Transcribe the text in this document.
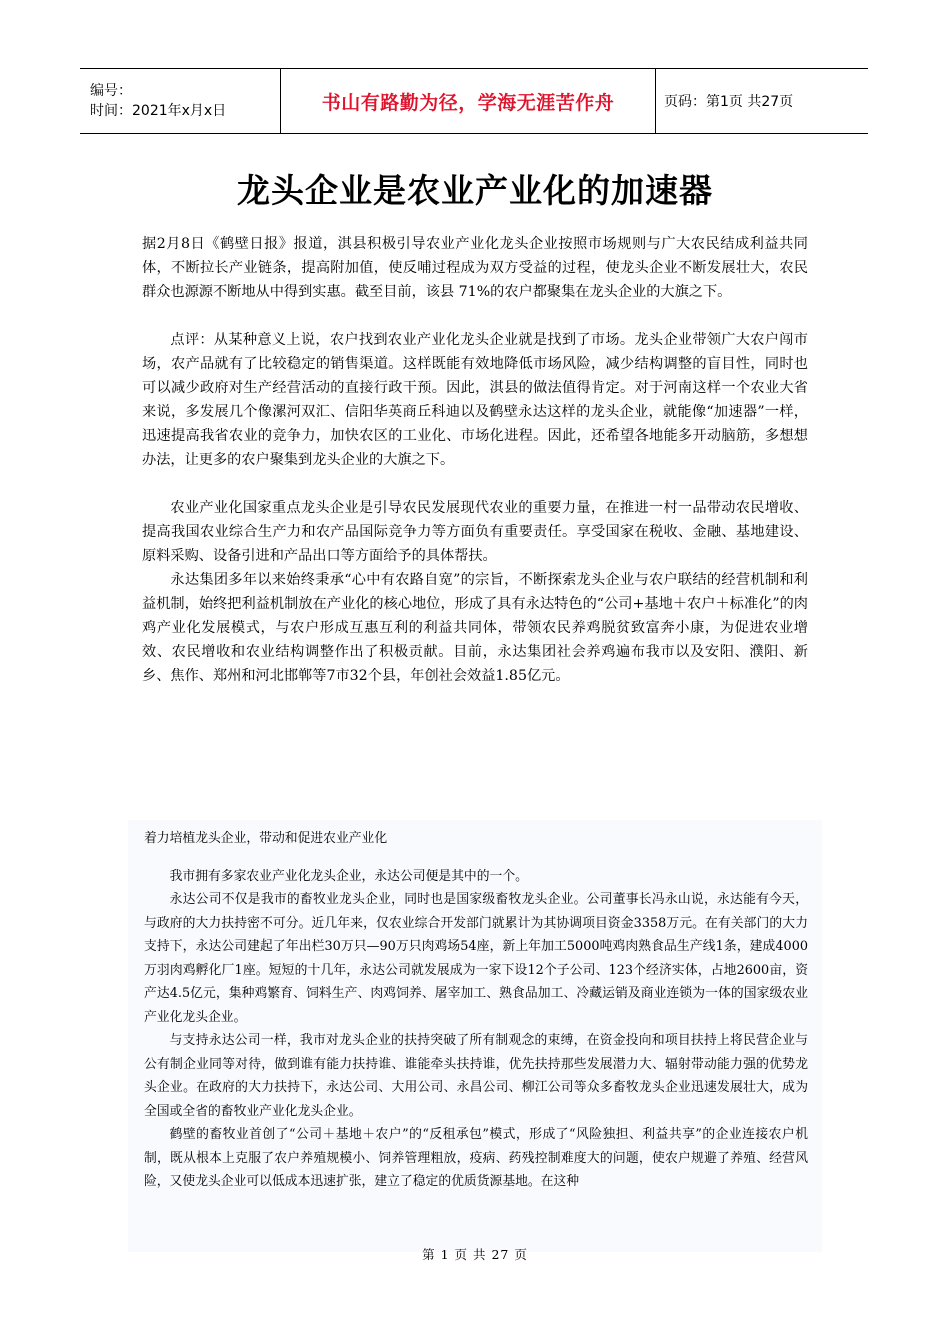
编号：
时间：2021年x月x日	书山有路勤为径，学海无涯苦作舟	页码：第1页 共27页
龙头企业是农业产业化的加速器

据2月8日《鹤壁日报》报道，淇县积极引导农业产业化龙头企业按照市场规则与广大农民结成利益共同体，不断拉长产业链条，提高附加值，使反哺过程成为双方受益的过程，使龙头企业不断发展壮大，农民群众也源源不断地从中得到实惠。截至目前，该县 71%的农户都聚集在龙头企业的大旗之下。

点评：从某种意义上说，农户找到农业产业化龙头企业就是找到了市场。龙头企业带领广大农户闯市场，农产品就有了比较稳定的销售渠道。这样既能有效地降低市场风险，减少结构调整的盲目性，同时也可以减少政府对生产经营活动的直接行政干预。因此，淇县的做法值得肯定。对于河南这样一个农业大省来说，多发展几个像漯河双汇、信阳华英商丘科迪以及鹤壁永达这样的龙头企业，就能像“加速器”一样，迅速提高我省农业的竞争力，加快农区的工业化、市场化进程。因此，还希望各地能多开动脑筋，多想想办法，让更多的农户聚集到龙头企业的大旗之下。

农业产业化国家重点龙头企业是引导农民发展现代农业的重要力量，在推进一村一品带动农民增收、提高我国农业综合生产力和农产品国际竞争力等方面负有重要责任。享受国家在税收、金融、基地建设、原料采购、设备引进和产品出口等方面给予的具体帮扶。

永达集团多年以来始终秉承“心中有农路自宽”的宗旨，不断探索龙头企业与农户联结的经营机制和利益机制，始终把利益机制放在产业化的核心地位，形成了具有永达特色的“公司+基地＋农户＋标准化”的肉鸡产业化发展模式，与农户形成互惠互利的利益共同体，带领农民养鸡脱贫致富奔小康，为促进农业增效、农民增收和农业结构调整作出了积极贡献。目前，永达集团社会养鸡遍布我市以及安阳、濮阳、新乡、焦作、郑州和河北邯郸等7市32个县，年创社会效益1.85亿元。

着力培植龙头企业，带动和促进农业产业化

我市拥有多家农业产业化龙头企业，永达公司便是其中的一个。

永达公司不仅是我市的畜牧业龙头企业，同时也是国家级畜牧龙头企业。公司董事长冯永山说，永达能有今天，与政府的大力扶持密不可分。近几年来，仅农业综合开发部门就累计为其协调项目资金3358万元。在有关部门的大力支持下，永达公司建起了年出栏30万只—90万只肉鸡场54座，新上年加工5000吨鸡肉熟食品生产线1条，建成4000万羽肉鸡孵化厂1座。短短的十几年，永达公司就发展成为一家下设12个子公司、123个经济实体，占地2600亩，资产达4.5亿元，集种鸡繁育、饲料生产、肉鸡饲养、屠宰加工、熟食品加工、冷藏运销及商业连锁为一体的国家级农业产业化龙头企业。

与支持永达公司一样，我市对龙头企业的扶持突破了所有制观念的束缚，在资金投向和项目扶持上将民营企业与公有制企业同等对待，做到谁有能力扶持谁、谁能牵头扶持谁，优先扶持那些发展潜力大、辐射带动能力强的优势龙头企业。在政府的大力扶持下，永达公司、大用公司、永昌公司、柳江公司等众多畜牧龙头企业迅速发展壮大，成为全国或全省的畜牧业产业化龙头企业。

鹤壁的畜牧业首创了“公司＋基地＋农户”的“反租承包”模式，形成了“风险独担、利益共享”的企业连接农户机制，既从根本上克服了农户养殖规模小、饲养管理粗放，疫病、药残控制难度大的问题，使农户规避了养殖、经营风险，又使龙头企业可以低成本迅速扩张，建立了稳定的优质货源基地。在这种

第 1 页 共 27 页
